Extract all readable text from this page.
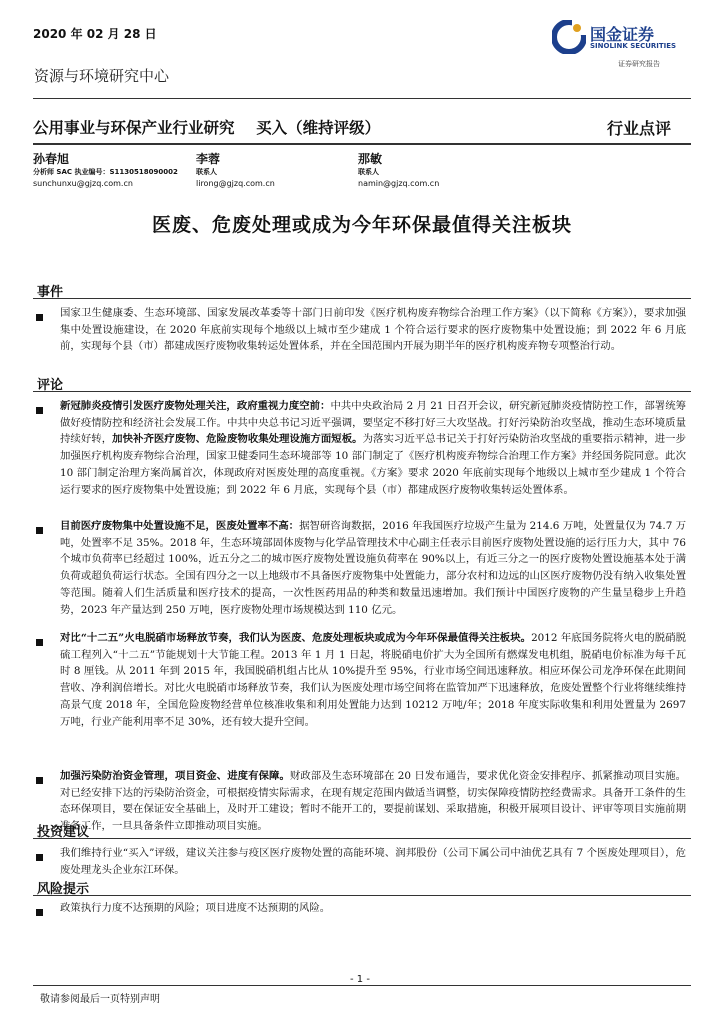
2020 年 02 月 28 日	国金证券
SINOLINK SECURITIES
证券研究报告
资源与环境研究中心
公用事业与环保产业行业研究    买入（维持评级）	行业点评
孙春旭
分析师 SAC 执业编号：S1130518090002
sunchunxu@gjzq.com.cn
李蓉
联系人
lirong@gjzq.com.cn
那敏
联系人
namin@gjzq.com.cn
医废、危废处理或成为今年环保最值得关注板块
事件
国家卫生健康委、生态环境部、国家发展改革委等十部门日前印发《医疗机构废弃物综合治理工作方案》（以下简称《方案》），要求加强集中处置设施建设，在 2020 年底前实现每个地级以上城市至少建成 1 个符合运行要求的医疗废物集中处置设施；到 2022 年 6 月底前，实现每个县（市）都建成医疗废物收集转运处置体系，并在全国范围内开展为期半年的医疗机构废弃物专项整治行动。
评论
新冠肺炎疫情引发医疗废物处理关注，政府重视力度空前：中共中央政治局 2 月 21 日召开会议，研究新冠肺炎疫情防控工作，部署统筹做好疫情防控和经济社会发展工作。中共中央总书记习近平强调，要坚定不移打好三大攻坚战。打好污染防治攻坚战，推动生态环境质量持续好转，加快补齐医疗废物、危险废物收集处理设施方面短板。为落实习近平总书记关于打好污染防治攻坚战的重要指示精神，进一步加强医疗机构废弃物综合治理，国家卫健委同生态环境部等 10 部门制定了《医疗机构废弃物综合治理工作方案》并经国务院同意。此次 10 部门制定治理方案尚属首次，体现政府对医废处理的高度重视。《方案》要求 2020 年底前实现每个地级以上城市至少建成 1 个符合运行要求的医疗废物集中处置设施；到 2022 年 6 月底，实现每个县（市）都建成医疗废物收集转运处置体系。
目前医疗废物集中处置设施不足，医废处置率不高：据智研咨询数据，2016 年我国医疗垃圾产生量为 214.6 万吨，处置量仅为 74.7 万吨，处置率不足 35%。2018 年，生态环境部固体废物与化学品管理技术中心副主任表示目前医疗废物处置设施的运行压力大，其中 76 个城市负荷率已经超过 100%，近五分之二的城市医疗废物处置设施负荷率在 90%以上，有近三分之一的医疗废物处置设施基本处于满负荷或超负荷运行状态。全国有四分之一以上地级市不具备医疗废物集中处置能力，部分农村和边远的山区医疗废物仍没有纳入收集处置等范围。随着人们生活质量和医疗技术的提高，一次性医药用品的种类和数量迅速增加。我们预计中国医疗废物的产生量呈稳步上升趋势，2023 年产量达到 250 万吨，医疗废物处理市场规模达到 110 亿元。
对比“十二五”火电脱硝市场释放节奏，我们认为医废、危废处理板块或成为今年环保最值得关注板块。2012 年底国务院将火电的脱硝脱硫工程列入“十二五”节能规划十大节能工程。2013 年 1 月 1 日起，将脱硝电价扩大为全国所有燃煤发电机组，脱硝电价标准为每千瓦时 8 厘钱。从 2011 年到 2015 年，我国脱硝机组占比从 10%提升至 95%，行业市场空间迅速释放。相应环保公司龙净环保在此期间营收、净利润倍增长。对比火电脱硝市场释放节奏，我们认为医废处理市场空间将在监管加严下迅速释放，危废处置整个行业将继续维持高景气度 2018 年，全国危险废物经营单位核准收集和利用处置能力达到 10212 万吨/年；2018 年度实际收集和利用处置量为 2697 万吨，行业产能利用率不足 30%，还有较大提升空间。
加强污染防治资金管理，项目资金、进度有保障。财政部及生态环境部在 20 日发布通告，要求优化资金安排程序、抓紧推动项目实施。对已经安排下达的污染防治资金，可根据疫情实际需求，在现有规定范围内做适当调整，切实保障疫情防控经费需求。具备开工条件的生态环保项目，要在保证安全基础上，及时开工建设；暂时不能开工的，要提前谋划、采取措施，积极开展项目设计、评审等项目实施前期准备工作，一旦具备条件立即推动项目实施。
投资建议
我们维持行业“买入”评级，建议关注参与疫区医疗废物处置的高能环境、润邦股份（公司下属公司中油优艺具有 7 个医废处理项目），危废处理龙头企业东江环保。
风险提示
政策执行力度不达预期的风险；项目进度不达预期的风险。
- 1 -
敬请参阅最后一页特别声明
